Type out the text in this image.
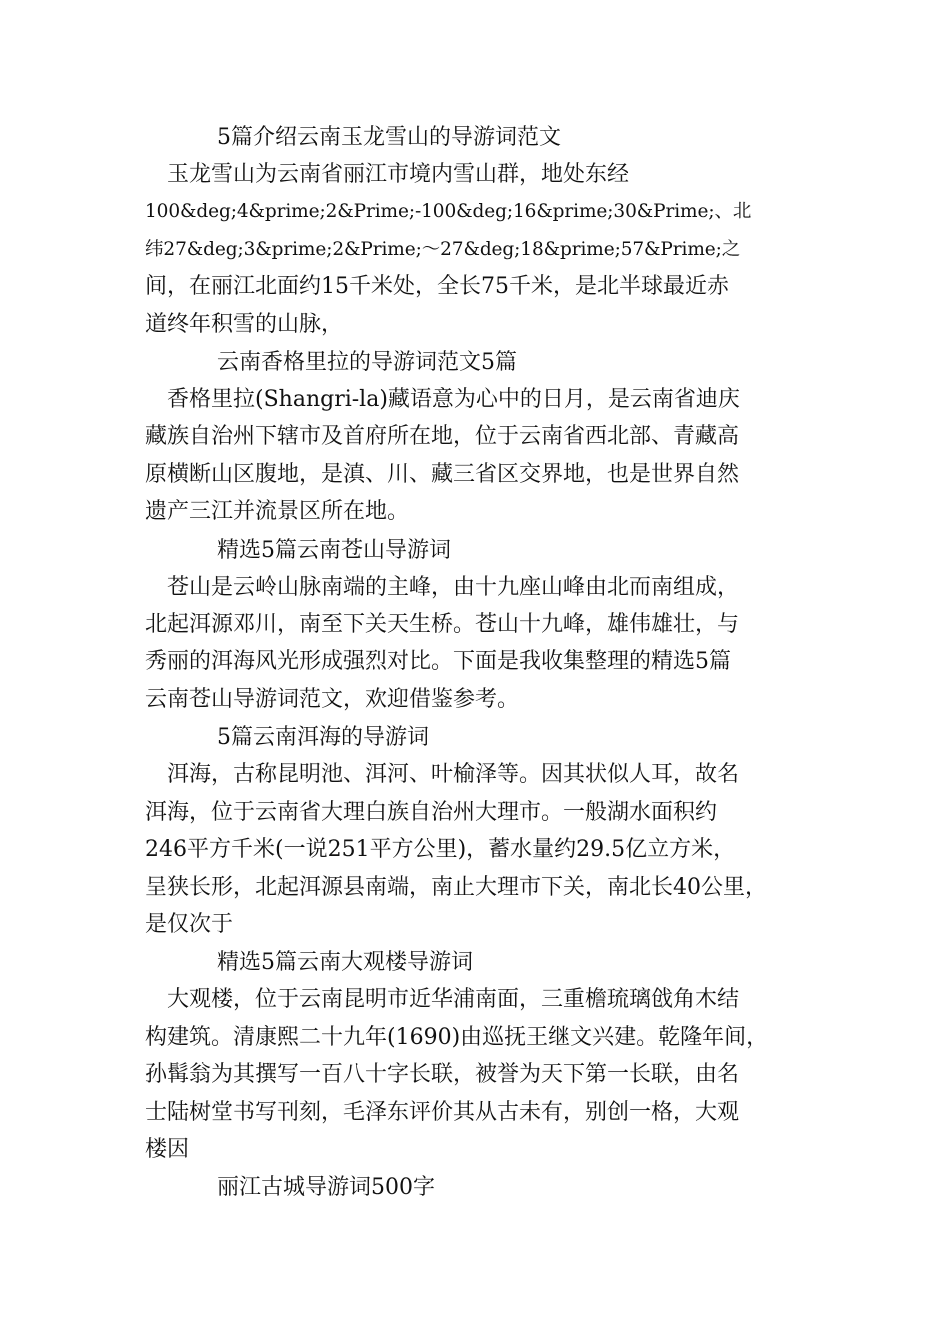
5篇介绍云南玉龙雪山的导游词范文

玉龙雪山为云南省丽江市境内雪山群，地处东经
100&deg;4&prime;2&Prime;-100&deg;16&prime;30&Prime;、北
纬27&deg;3&prime;2&Prime;～27&deg;18&prime;57&Prime;之
间，在丽江北面约15千米处，全长75千米，是北半球最近赤
道终年积雪的山脉，

云南香格里拉的导游词范文5篇

香格里拉(Shangri-la)藏语意为心中的日月，是云南省迪庆
藏族自治州下辖市及首府所在地，位于云南省西北部、青藏高
原横断山区腹地，是滇、川、藏三省区交界地，也是世界自然
遗产三江并流景区所在地。

精选5篇云南苍山导游词

苍山是云岭山脉南端的主峰，由十九座山峰由北而南组成，
北起洱源邓川，南至下关天生桥。苍山十九峰，雄伟雄壮，与
秀丽的洱海风光形成强烈对比。下面是我收集整理的精选5篇
云南苍山导游词范文，欢迎借鉴参考。

5篇云南洱海的导游词

洱海，古称昆明池、洱河、叶榆泽等。因其状似人耳，故名
洱海，位于云南省大理白族自治州大理市。一般湖水面积约
246平方千米(一说251平方公里)，蓄水量约29.5亿立方米，
呈狭长形，北起洱源县南端，南止大理市下关，南北长40公里，
是仅次于

精选5篇云南大观楼导游词

大观楼，位于云南昆明市近华浦南面，三重檐琉璃戗角木结
构建筑。清康熙二十九年(1690)由巡抚王继文兴建。乾隆年间，
孙髯翁为其撰写一百八十字长联，被誉为天下第一长联，由名
士陆树堂书写刊刻，毛泽东评价其从古未有，别创一格，大观
楼因

丽江古城导游词500字
